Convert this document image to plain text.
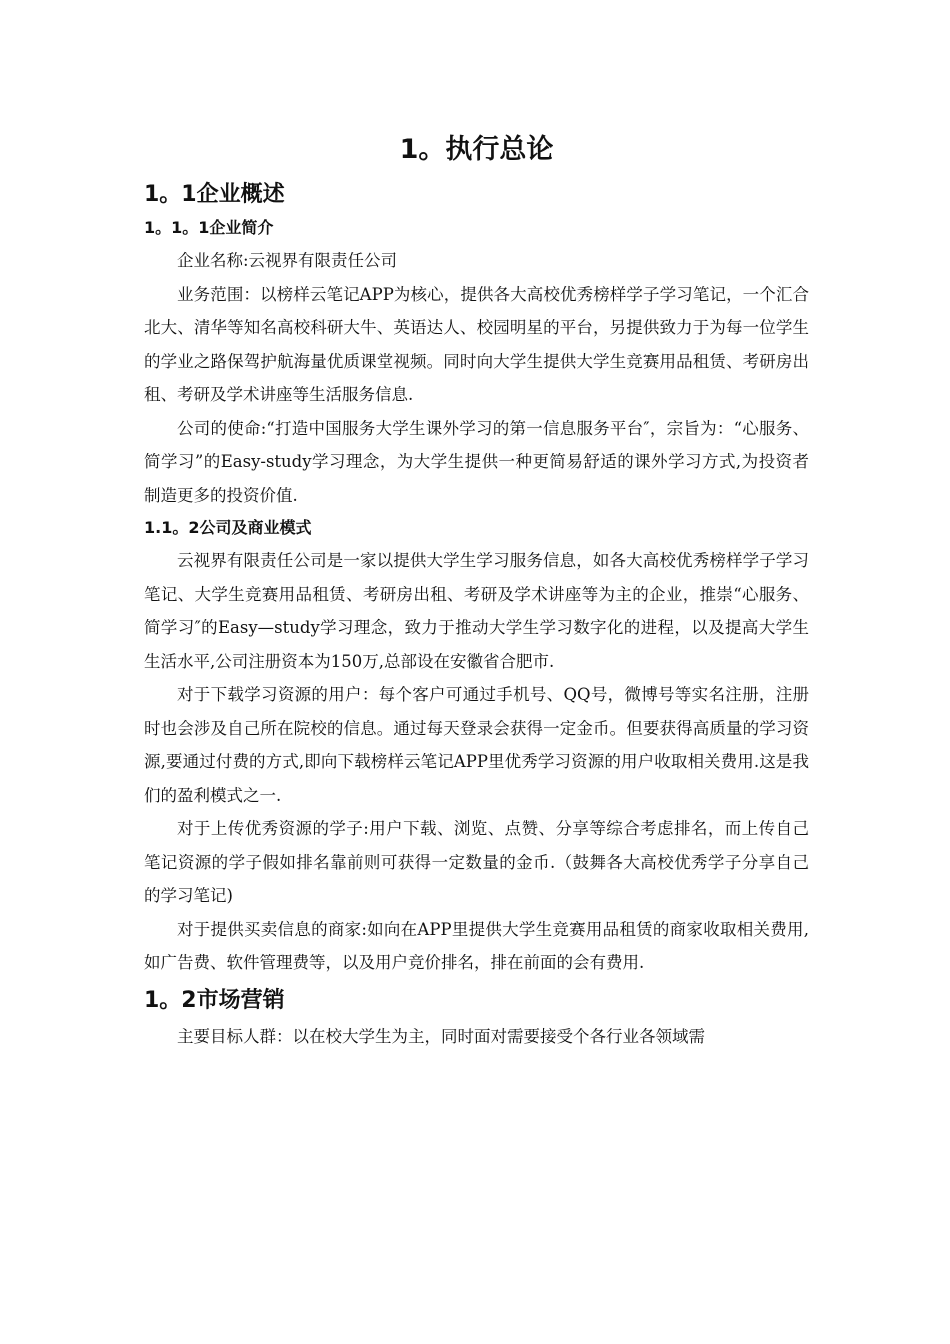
1。执行总论
1。1企业概述
1。1。1企业简介

企业名称:云视界有限责任公司

业务范围：以榜样云笔记APP为核心，提供各大高校优秀榜样学子学习笔记，一个汇合北大、清华等知名高校科研大牛、英语达人、校园明星的平台，另提供致力于为每一位学生的学业之路保驾护航海量优质课堂视频。同时向大学生提供大学生竞赛用品租赁、考研房出租、考研及学术讲座等生活服务信息.

公司的使命:“打造中国服务大学生课外学习的第一信息服务平台″，宗旨为：“心服务、简学习”的Easy-study学习理念，为大学生提供一种更简易舒适的课外学习方式,为投资者制造更多的投资价值.

1.1。2公司及商业模式

云视界有限责任公司是一家以提供大学生学习服务信息，如各大高校优秀榜样学子学习笔记、大学生竞赛用品租赁、考研房出租、考研及学术讲座等为主的企业，推崇“心服务、简学习″的Easy—study学习理念，致力于推动大学生学习数字化的进程，以及提高大学生生活水平,公司注册资本为150万,总部设在安徽省合肥市.

对于下载学习资源的用户：每个客户可通过手机号、QQ号，微博号等实名注册，注册时也会涉及自己所在院校的信息。通过每天登录会获得一定金币。但要获得高质量的学习资源,要通过付费的方式,即向下载榜样云笔记APP里优秀学习资源的用户收取相关费用.这是我们的盈利模式之一.

对于上传优秀资源的学子:用户下载、浏览、点赞、分享等综合考虑排名，而上传自己笔记资源的学子假如排名靠前则可获得一定数量的金币.（鼓舞各大高校优秀学子分享自己的学习笔记)

对于提供买卖信息的商家:如向在APP里提供大学生竞赛用品租赁的商家收取相关费用,如广告费、软件管理费等，以及用户竞价排名，排在前面的会有费用.

1。2市场营销

主要目标人群：以在校大学生为主，同时面对需要接受个各行业各领域需
